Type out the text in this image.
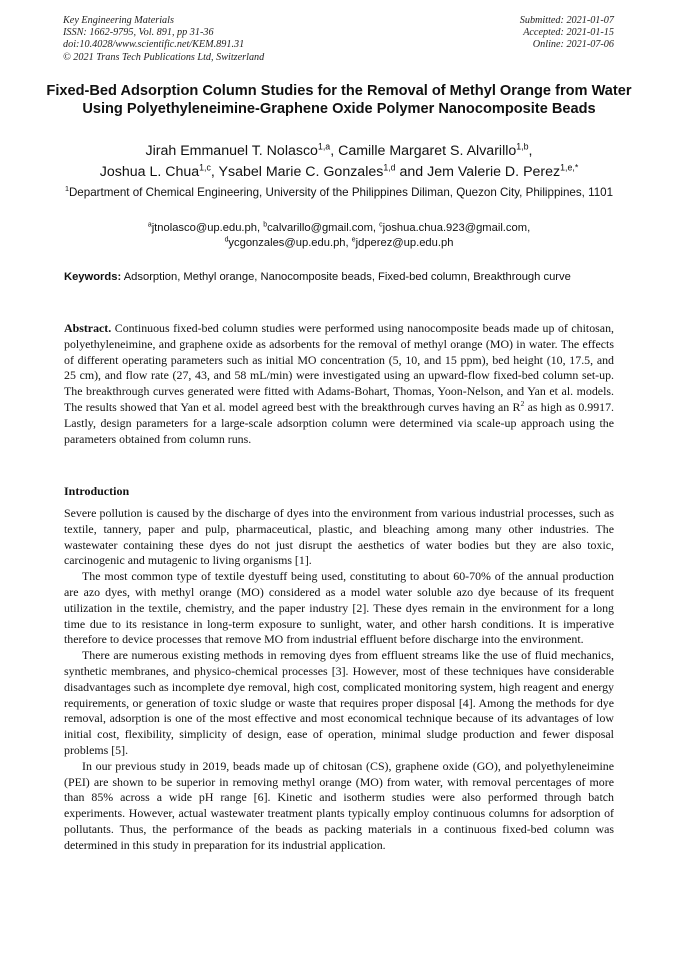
Key Engineering Materials
ISSN: 1662-9795, Vol. 891, pp 31-36
doi:10.4028/www.scientific.net/KEM.891.31
© 2021 Trans Tech Publications Ltd, Switzerland
Submitted: 2021-01-07
Accepted: 2021-01-15
Online: 2021-07-06
Fixed-Bed Adsorption Column Studies for the Removal of Methyl Orange from Water Using Polyethyleneimine-Graphene Oxide Polymer Nanocomposite Beads
Jirah Emmanuel T. Nolasco$^{1,a}$, Camille Margaret S. Alvarillo$^{1,b}$,
Joshua L. Chua$^{1,c}$, Ysabel Marie C. Gonzales$^{1,d}$ and Jem Valerie D. Perez$^{1,e,*}$
$^1$Department of Chemical Engineering, University of the Philippines Diliman, Quezon City, Philippines, 1101
$^a$jtnolasco@up.edu.ph, $^b$calvarillo@gmail.com, $^c$joshua.chua.923@gmail.com,
$^d$ycgonzales@up.edu.ph, $^e$jdperez@up.edu.ph
Keywords: Adsorption, Methyl orange, Nanocomposite beads, Fixed-bed column, Breakthrough curve
Abstract. Continuous fixed-bed column studies were performed using nanocomposite beads made up of chitosan, polyethyleneimine, and graphene oxide as adsorbents for the removal of methyl orange (MO) in water. The effects of different operating parameters such as initial MO concentration (5, 10, and 15 ppm), bed height (10, 17.5, and 25 cm), and flow rate (27, 43, and 58 mL/min) were investigated using an upward-flow fixed-bed column set-up. The breakthrough curves generated were fitted with Adams-Bohart, Thomas, Yoon-Nelson, and Yan et al. models. The results showed that Yan et al. model agreed best with the breakthrough curves having an $R^2$ as high as 0.9917. Lastly, design parameters for a large-scale adsorption column were determined via scale-up approach using the parameters obtained from column runs.
Introduction

Severe pollution is caused by the discharge of dyes into the environment from various industrial processes, such as textile, tannery, paper and pulp, pharmaceutical, plastic, and bleaching among many other industries. The wastewater containing these dyes do not just disrupt the aesthetics of water bodies but they are also toxic, carcinogenic and mutagenic to living organisms [1].

The most common type of textile dyestuff being used, constituting to about 60-70% of the annual production are azo dyes, with methyl orange (MO) considered as a model water soluble azo dye because of its frequent utilization in the textile, chemistry, and the paper industry [2]. These dyes remain in the environment for a long time due to its resistance in long-term exposure to sunlight, water, and other harsh conditions. It is imperative therefore to device processes that remove MO from industrial effluent before discharge into the environment.

There are numerous existing methods in removing dyes from effluent streams like the use of fluid mechanics, synthetic membranes, and physico-chemical processes [3]. However, most of these techniques have considerable disadvantages such as incomplete dye removal, high cost, complicated monitoring system, high reagent and energy requirements, or generation of toxic sludge or waste that requires proper disposal [4]. Among the methods for dye removal, adsorption is one of the most effective and most economical technique because of its advantages of low initial cost, flexibility, simplicity of design, ease of operation, minimal sludge production and fewer disposal problems [5].

In our previous study in 2019, beads made up of chitosan (CS), graphene oxide (GO), and polyethyleneimine (PEI) are shown to be superior in removing methyl orange (MO) from water, with removal percentages of more than 85% across a wide pH range [6]. Kinetic and isotherm studies were also performed through batch experiments. However, actual wastewater treatment plants typically employ continuous columns for adsorption of pollutants. Thus, the performance of the beads as packing materials in a continuous fixed-bed column was determined in this study in preparation for its industrial application.
